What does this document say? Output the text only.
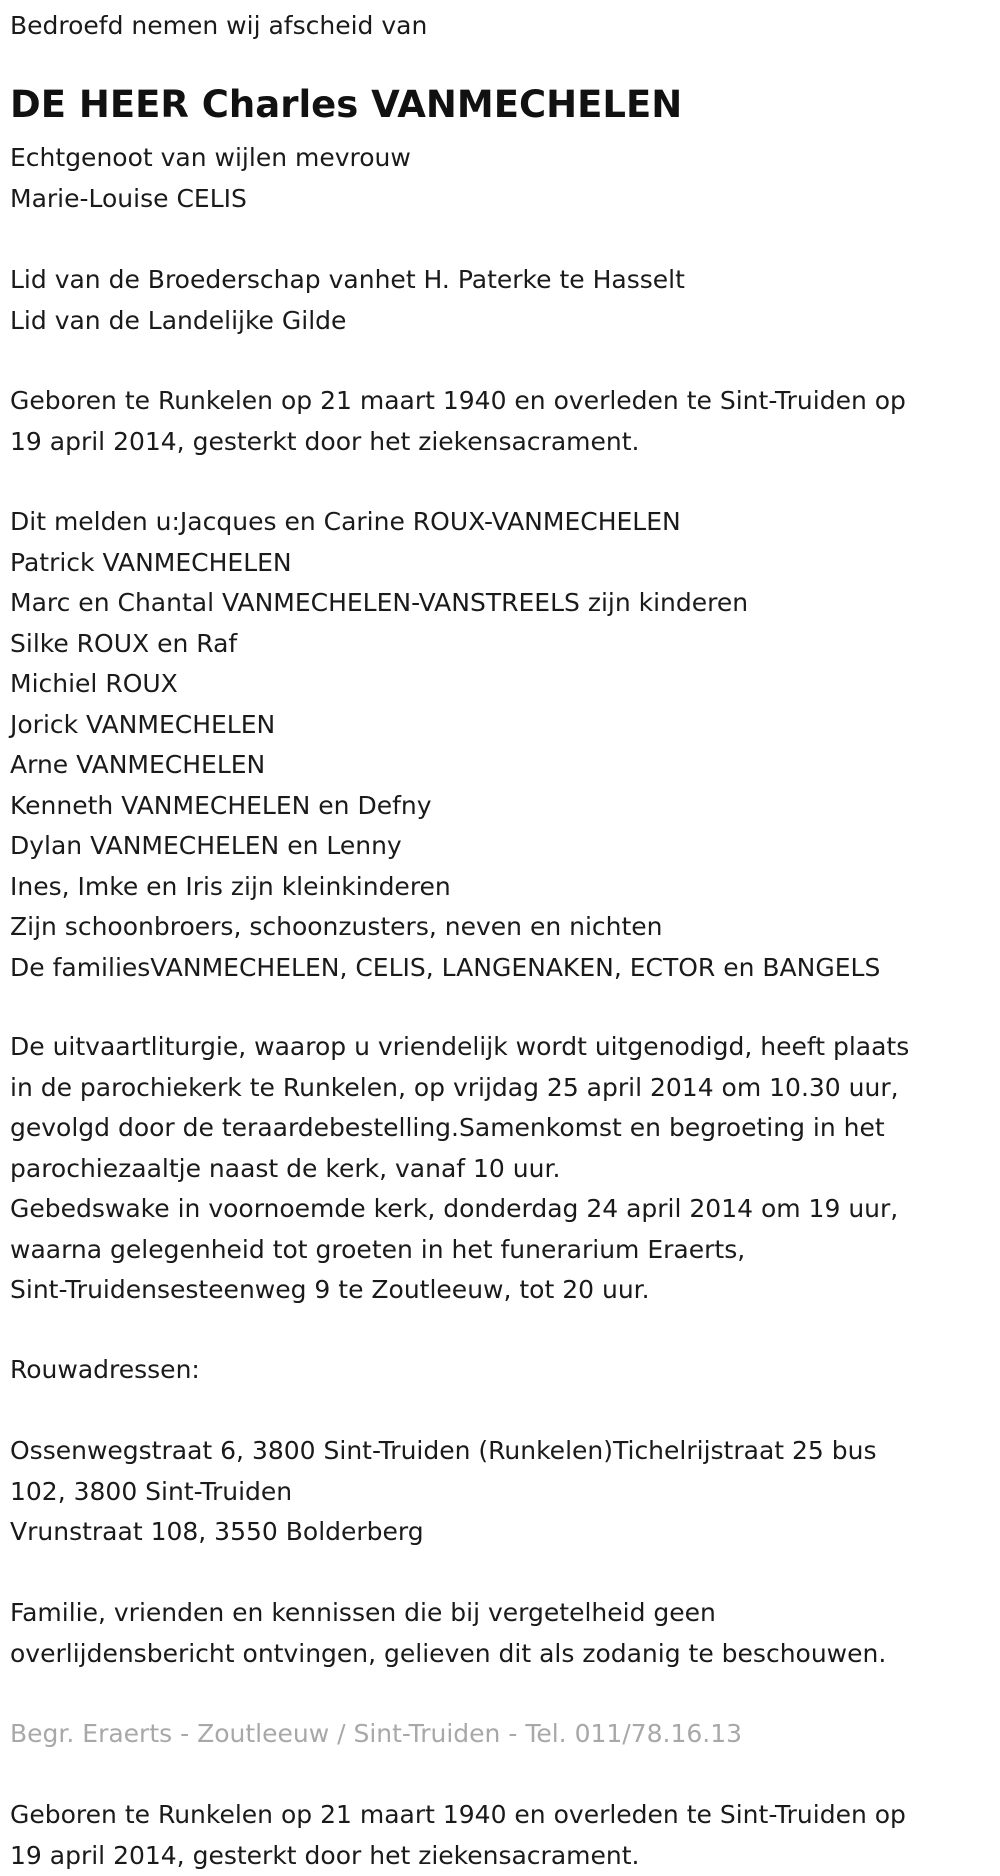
Bedroefd nemen wij afscheid van
DE HEER Charles VANMECHELEN
Echtgenoot van wijlen mevrouw
Marie-Louise CELIS
Lid van de Broederschap vanhet H. Paterke te Hasselt
Lid van de Landelijke Gilde
Geboren te Runkelen op 21 maart 1940 en overleden te Sint-Truiden op
19 april 2014, gesterkt door het ziekensacrament.
Dit melden u:Jacques en Carine ROUX-VANMECHELEN
Patrick VANMECHELEN
Marc en Chantal VANMECHELEN-VANSTREELS zijn kinderen
Silke ROUX en Raf
Michiel ROUX
Jorick VANMECHELEN
Arne VANMECHELEN
Kenneth VANMECHELEN en Defny
Dylan VANMECHELEN en Lenny
Ines, Imke en Iris zijn kleinkinderen
Zijn schoonbroers, schoonzusters, neven en nichten
De familiesVANMECHELEN, CELIS, LANGENAKEN, ECTOR en BANGELS
De uitvaartliturgie, waarop u vriendelijk wordt uitgenodigd, heeft plaats
in de parochiekerk te Runkelen, op vrijdag 25 april 2014 om 10.30 uur,
gevolgd door de teraardebestelling.Samenkomst en begroeting in het
parochiezaaltje naast de kerk, vanaf 10 uur.
Gebedswake in voornoemde kerk, donderdag 24 april 2014 om 19 uur,
waarna gelegenheid tot groeten in het funerarium Eraerts,
Sint-Truidensesteenweg 9 te Zoutleeuw, tot 20 uur.
Rouwadressen:
Ossenwegstraat 6, 3800 Sint-Truiden (Runkelen)Tichelrijstraat 25 bus
102, 3800 Sint-Truiden
Vrunstraat 108, 3550 Bolderberg
Familie, vrienden en kennissen die bij vergetelheid geen
overlijdensbericht ontvingen, gelieven dit als zodanig te beschouwen.
Begr. Eraerts - Zoutleeuw / Sint-Truiden - Tel. 011/78.16.13
Geboren te Runkelen op 21 maart 1940 en overleden te Sint-Truiden op
19 april 2014, gesterkt door het ziekensacrament.
